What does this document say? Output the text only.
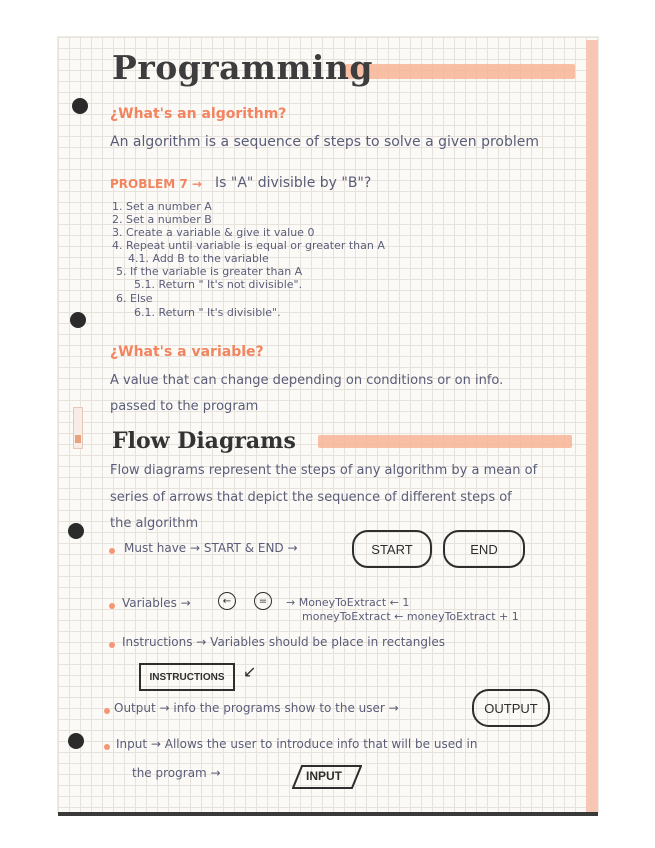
Programming
¿What's an algorithm?
An algorithm is a sequence of steps to solve a given problem
PROBLEM 7 → Is "A" divisible by "B"?
1. Set a number A
2. Set a number B
3. Create a variable & give it value 0
4. Repeat until variable is equal or greater than A
4.1. Add B to the variable
5. If the variable is greater than A
5.1. Return " It's not divisible".
6. Else
6.1. Return " It's divisible".
¿What's a variable?
A value that can change depending on conditions or on info.
passed to the program
Flow Diagrams
Flow diagrams represent the steps of any algorithm by a mean of
series of arrows that depict the sequence of different steps of
the algorithm
Must have → START & END →	START	END
Variables →	←	=	→ MoneyToExtract ← 1
moneyToExtract ← moneyToExtract + 1
Instructions → Variables should be place in rectangles
INSTRUCTIONS	↙
Output → info the programs show to the user →	OUTPUT
Input → Allows the user to introduce info that will be used in
the program →	INPUT
